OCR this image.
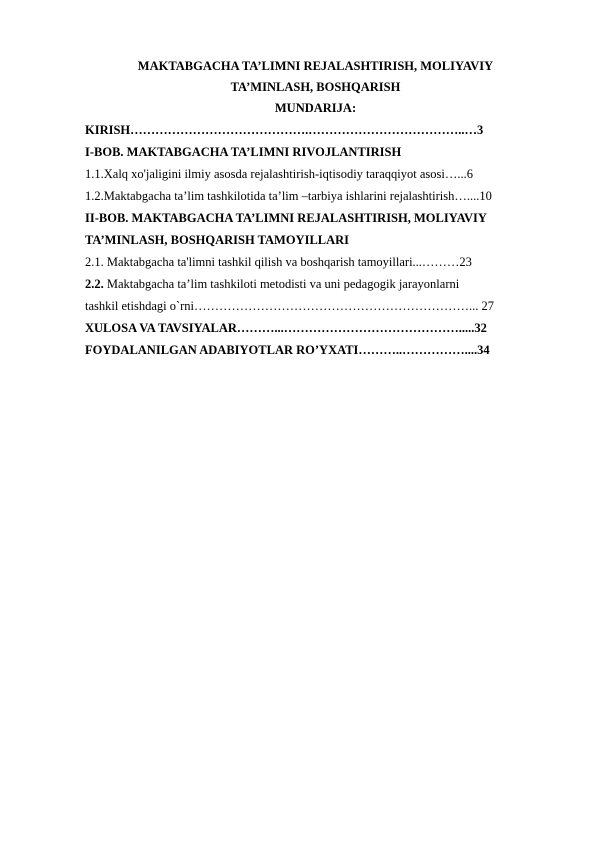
MAKTABGACHA TA’LIMNI REJALASHTIRISH, MOLIYAVIY

TA’MINLASH, BOSHQARISH

MUNDARIJA:
KIRISH…………………………………….………………………………..…3
I-BOB. MAKTABGACHA TA’LIMNI RIVOJLANTIRISH
1.1.Xalq xo'jaligini ilmiy asosda rejalashtirish-iqtisodiy taraqqiyot asosi…...6
1.2.Maktabgacha ta’lim tashkilotida ta’lim –tarbiya ishlarini rejalashtirish…....10
II-BOB. MAKTABGACHA TA’LIMNI REJALASHTIRISH, MOLIYAVIY
TA’MINLASH, BOSHQARISH TAMOYILLARI
2.1. Maktabgacha ta'limni tashkil qilish va boshqarish tamoyillari...………23
2.2. Maktabgacha ta’lim tashkiloti metodisti va uni pedagogik jarayonlarni
tashkil etishdagi o`rni…………………………………………………………... 27
XULOSA VA TAVSIYALAR………...…………………………………….....32
FOYDALANILGAN ADABIYOTLAR RO’YXATI………..……………....34
